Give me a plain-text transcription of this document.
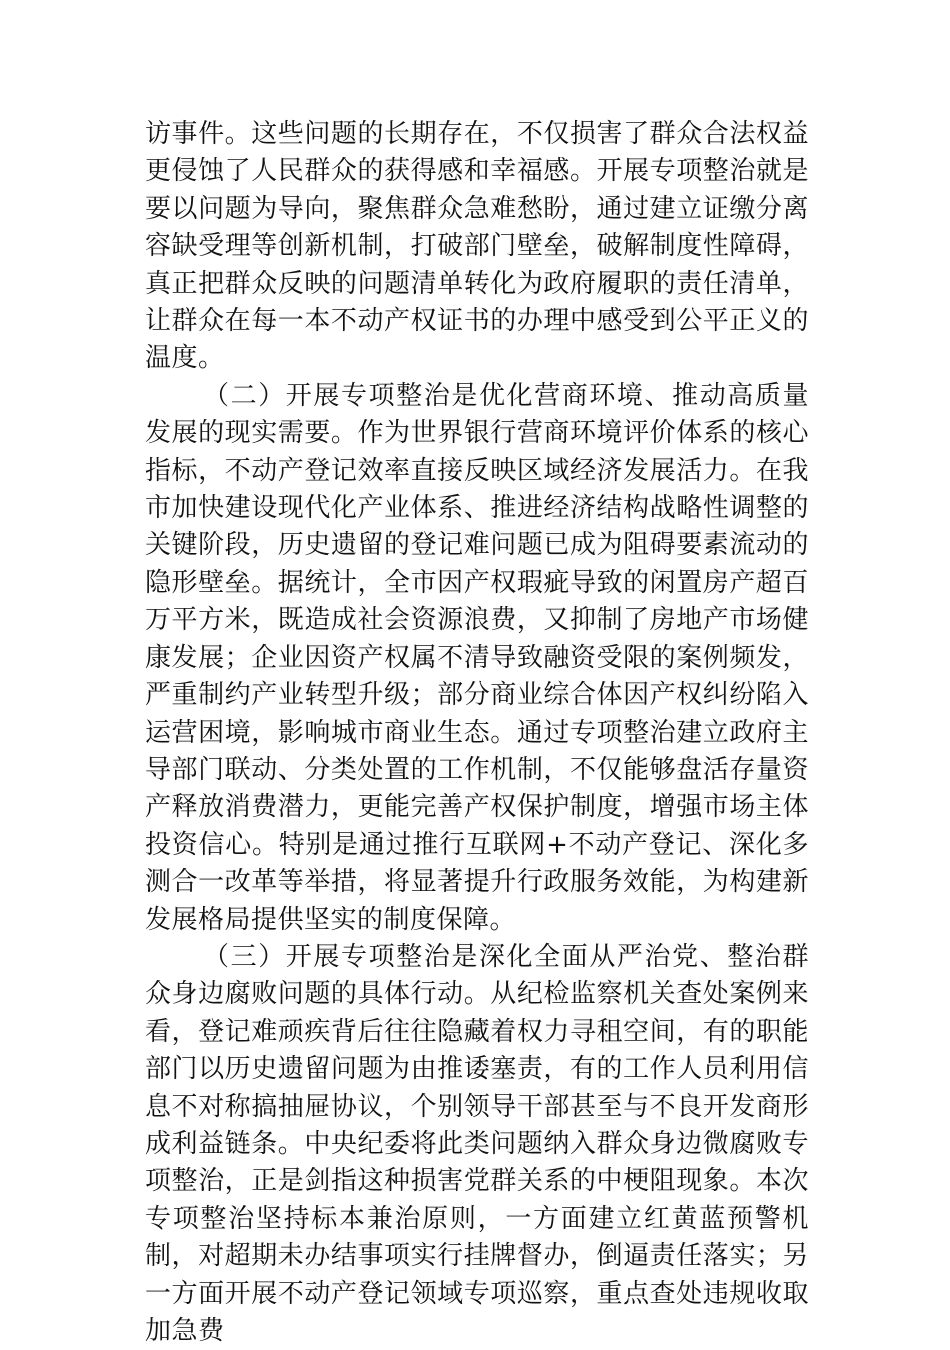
访事件。这些问题的长期存在，不仅损害了群众合法权益更侵蚀了人民群众的获得感和幸福感。开展专项整治就是要以问题为导向，聚焦群众急难愁盼，通过建立证缴分离容缺受理等创新机制，打破部门壁垒，破解制度性障碍，真正把群众反映的问题清单转化为政府履职的责任清单，让群众在每一本不动产权证书的办理中感受到公平正义的温度。

（二）开展专项整治是优化营商环境、推动高质量发展的现实需要。作为世界银行营商环境评价体系的核心指标，不动产登记效率直接反映区域经济发展活力。在我市加快建设现代化产业体系、推进经济结构战略性调整的关键阶段，历史遗留的登记难问题已成为阻碍要素流动的隐形壁垒。据统计，全市因产权瑕疵导致的闲置房产超百万平方米，既造成社会资源浪费，又抑制了房地产市场健康发展；企业因资产权属不清导致融资受限的案例频发，严重制约产业转型升级；部分商业综合体因产权纠纷陷入运营困境，影响城市商业生态。通过专项整治建立政府主导部门联动、分类处置的工作机制，不仅能够盘活存量资产释放消费潜力，更能完善产权保护制度，增强市场主体投资信心。特别是通过推行互联网+不动产登记、深化多测合一改革等举措，将显著提升行政服务效能，为构建新发展格局提供坚实的制度保障。

（三）开展专项整治是深化全面从严治党、整治群众身边腐败问题的具体行动。从纪检监察机关查处案例来看，登记难顽疾背后往往隐藏着权力寻租空间，有的职能部门以历史遗留问题为由推诿塞责，有的工作人员利用信息不对称搞抽屉协议，个别领导干部甚至与不良开发商形成利益链条。中央纪委将此类问题纳入群众身边微腐败专项整治，正是剑指这种损害党群关系的中梗阻现象。本次专项整治坚持标本兼治原则，一方面建立红黄蓝预警机制，对超期未办结事项实行挂牌督办，倒逼责任落实；另一方面开展不动产登记领域专项巡察，重点查处违规收取加急费
